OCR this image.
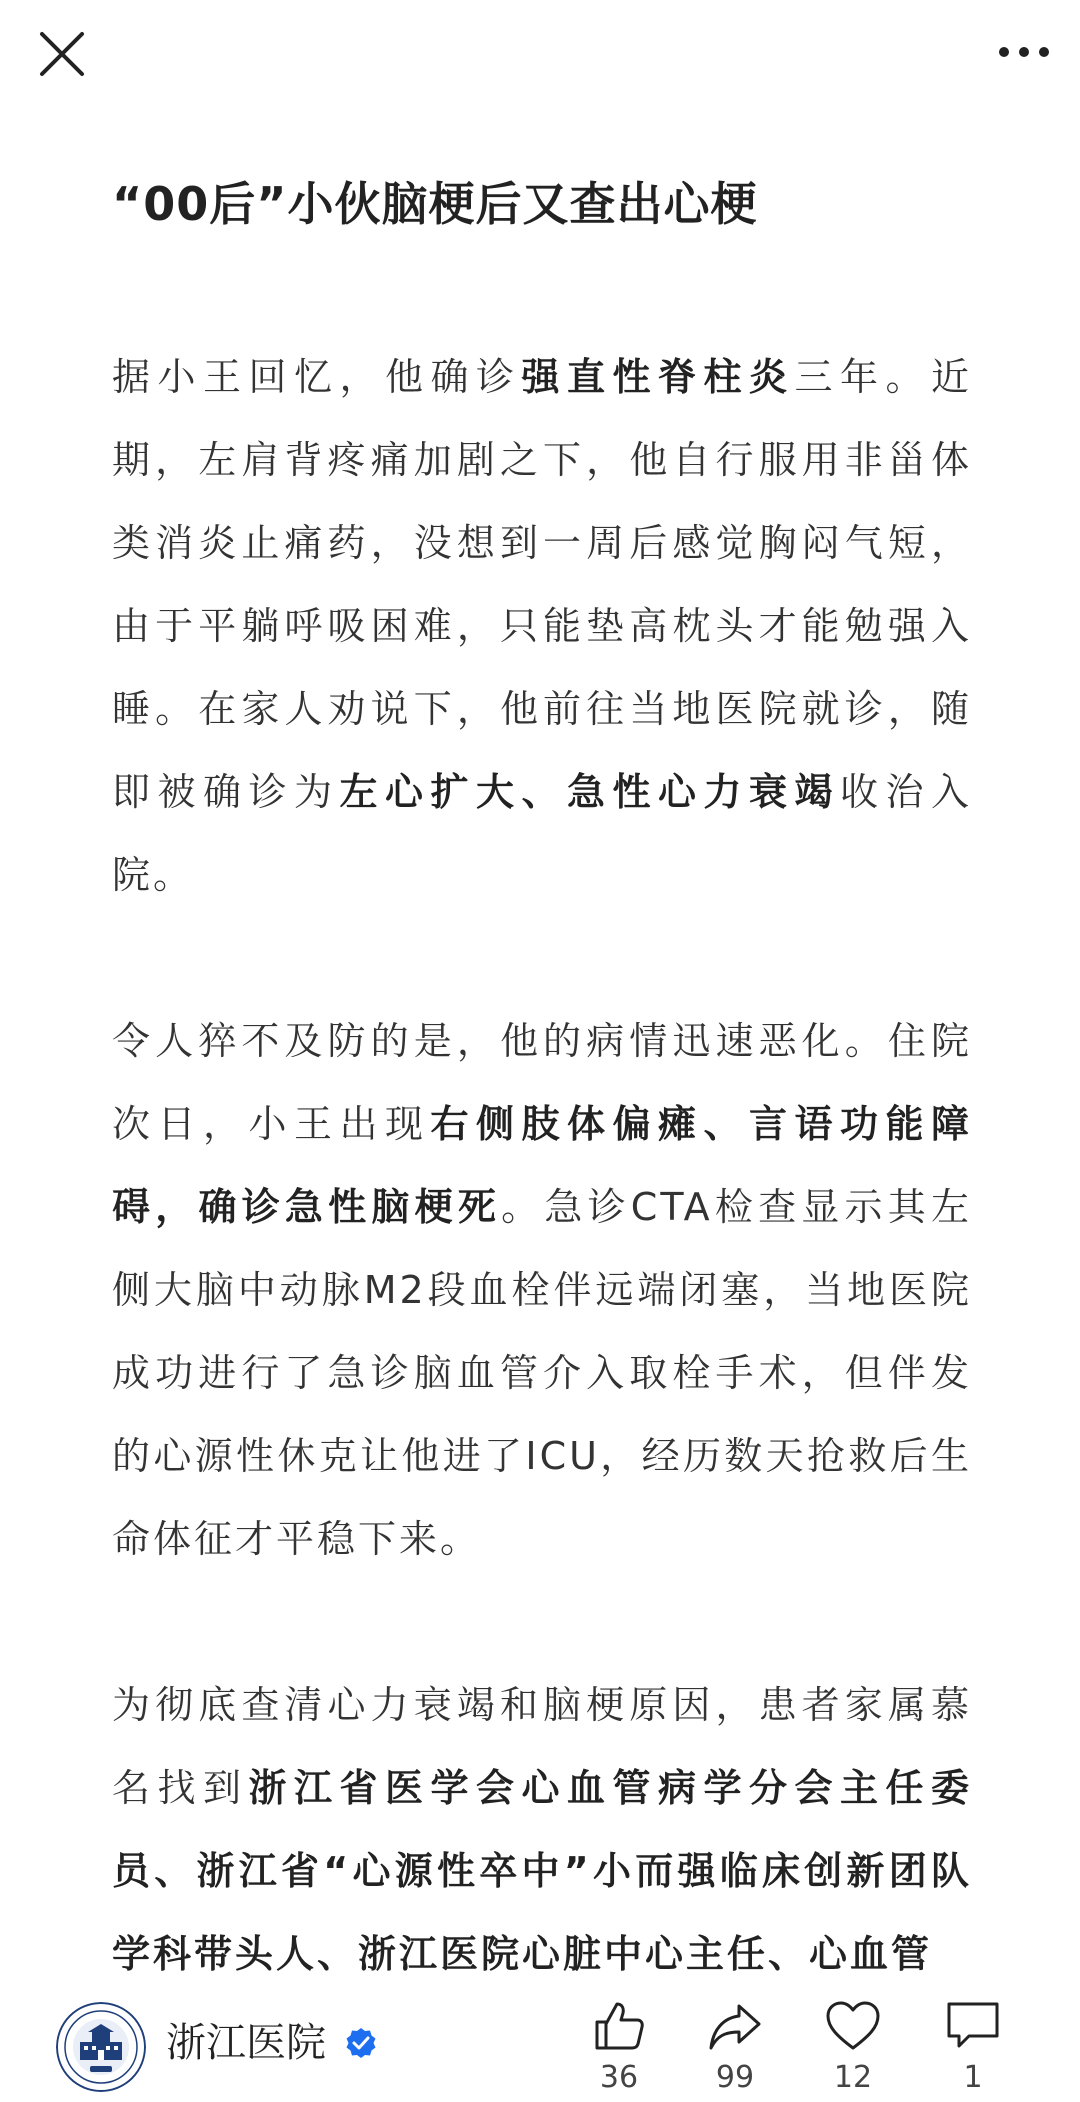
“00后”小伙脑梗后又查出心梗

据小王回忆，他确诊强直性脊柱炎三年。近期，左肩背疼痛加剧之下，他自行服用非甾体类消炎止痛药，没想到一周后感觉胸闷气短，由于平躺呼吸困难，只能垫高枕头才能勉强入睡。在家人劝说下，他前往当地医院就诊，随即被确诊为左心扩大、急性心力衰竭收治入院。

令人猝不及防的是，他的病情迅速恶化。住院次日，小王出现右侧肢体偏瘫、言语功能障碍，确诊急性脑梗死。急诊CTA检查显示其左侧大脑中动脉M2段血栓伴远端闭塞，当地医院成功进行了急诊脑血管介入取栓手术，但伴发的心源性休克让他进了ICU，经历数天抢救后生命体征才平稳下来。

为彻底查清心力衰竭和脑梗原因，患者家属慕名找到浙江省医学会心血管病学分会主任委员、浙江省“心源性卒中”小而强临床创新团队学科带头人、浙江医院心脏中心主任、心血管

浙江医院
36	99	12	1
